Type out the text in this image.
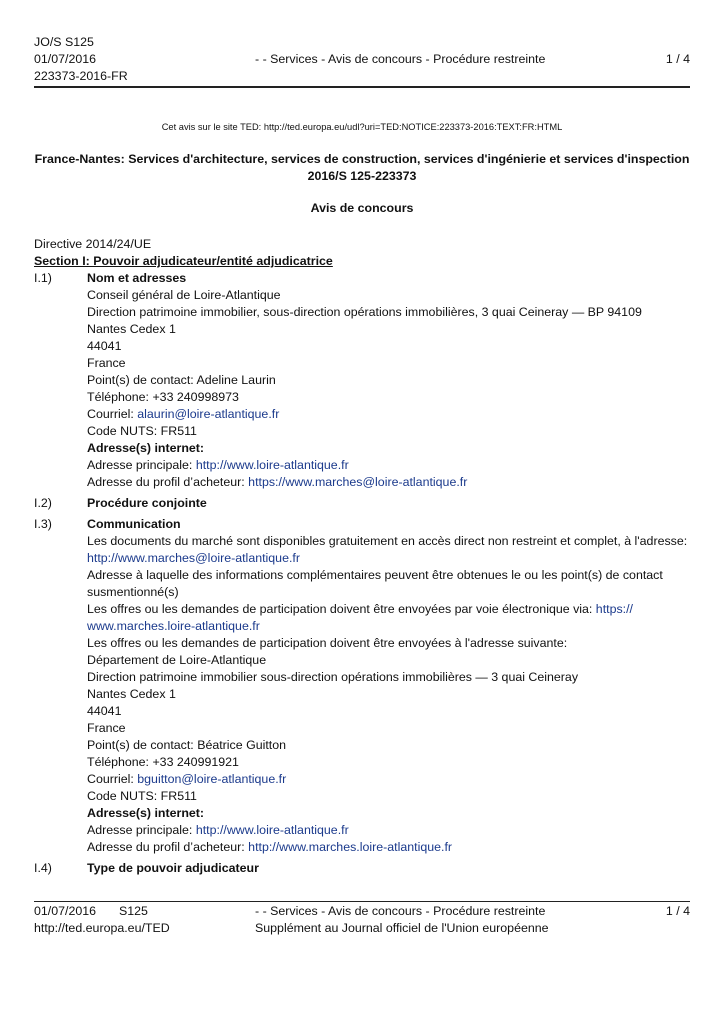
JO/S S125
01/07/2016
223373-2016-FR
- - Services - Avis de concours - Procédure restreinte	1 / 4
Cet avis sur le site TED: http://ted.europa.eu/udl?uri=TED:NOTICE:223373-2016:TEXT:FR:HTML
France-Nantes: Services d'architecture, services de construction, services d'ingénierie et services d'inspection
2016/S 125-223373
Avis de concours
Directive 2014/24/UE
Section I: Pouvoir adjudicateur/entité adjudicatrice
I.1)	Nom et adresses
Conseil général de Loire-Atlantique
Direction patrimoine immobilier, sous-direction opérations immobilières, 3 quai Ceineray — BP 94109
Nantes Cedex 1
44041
France
Point(s) de contact: Adeline Laurin
Téléphone: +33 240998973
Courriel: alaurin@loire-atlantique.fr
Code NUTS: FR511
Adresse(s) internet:
Adresse principale: http://www.loire-atlantique.fr
Adresse du profil d’acheteur: https://www.marches@loire-atlantique.fr
I.2)	Procédure conjointe
I.3)	Communication
Les documents du marché sont disponibles gratuitement en accès direct non restreint et complet, à l'adresse:
http://www.marches@loire-atlantique.fr
Adresse à laquelle des informations complémentaires peuvent être obtenues le ou les point(s) de contact
susmentionné(s)
Les offres ou les demandes de participation doivent être envoyées par voie électronique via: https://
www.marches.loire-atlantique.fr
Les offres ou les demandes de participation doivent être envoyées à l'adresse suivante:
Département de Loire-Atlantique
Direction patrimoine immobilier sous-direction opérations immobilières — 3 quai Ceineray
Nantes Cedex 1
44041
France
Point(s) de contact: Béatrice Guitton
Téléphone: +33 240991921
Courriel: bguitton@loire-atlantique.fr
Code NUTS: FR511
Adresse(s) internet:
Adresse principale: http://www.loire-atlantique.fr
Adresse du profil d’acheteur: http://www.marches.loire-atlantique.fr
I.4)	Type de pouvoir adjudicateur
01/07/2016 S125
http://ted.europa.eu/TED
- - Services - Avis de concours - Procédure restreinte
Supplément au Journal officiel de l'Union européenne
1 / 4
